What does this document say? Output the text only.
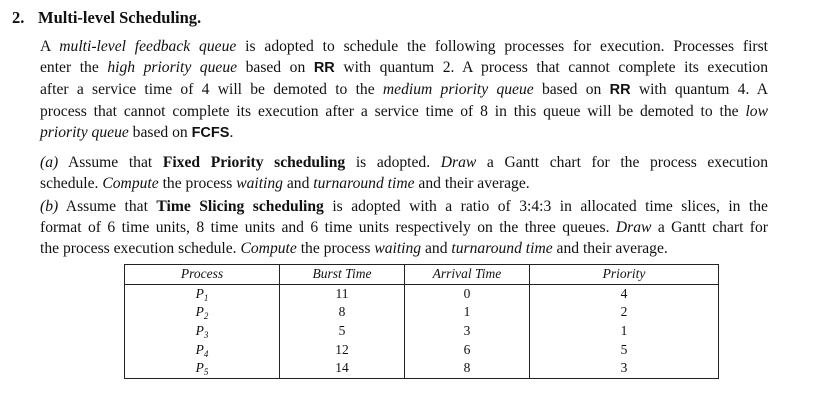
2. Multi-level Scheduling.
A multi-level feedback queue is adopted to schedule the following processes for execution. Processes first
enter the high priority queue based on RR with quantum 2. A process that cannot complete its execution
after a service time of 4 will be demoted to the medium priority queue based on RR with quantum 4. A
process that cannot complete its execution after a service time of 8 in this queue will be demoted to the low
priority queue based on FCFS.
(a) Assume that Fixed Priority scheduling is adopted. Draw a Gantt chart for the process execution
schedule. Compute the process waiting and turnaround time and their average.
(b) Assume that Time Slicing scheduling is adopted with a ratio of 3:4:3 in allocated time slices, in the
format of 6 time units, 8 time units and 6 time units respectively on the three queues. Draw a Gantt chart for
the process execution schedule. Compute the process waiting and turnaround time and their average.
Process	Burst Time	Arrival Time	Priority
$P_1$	11	0	4
$P_2$	8	1	2
$P_3$	5	3	1
$P_4$	12	6	5
$P_5$	14	8	3
